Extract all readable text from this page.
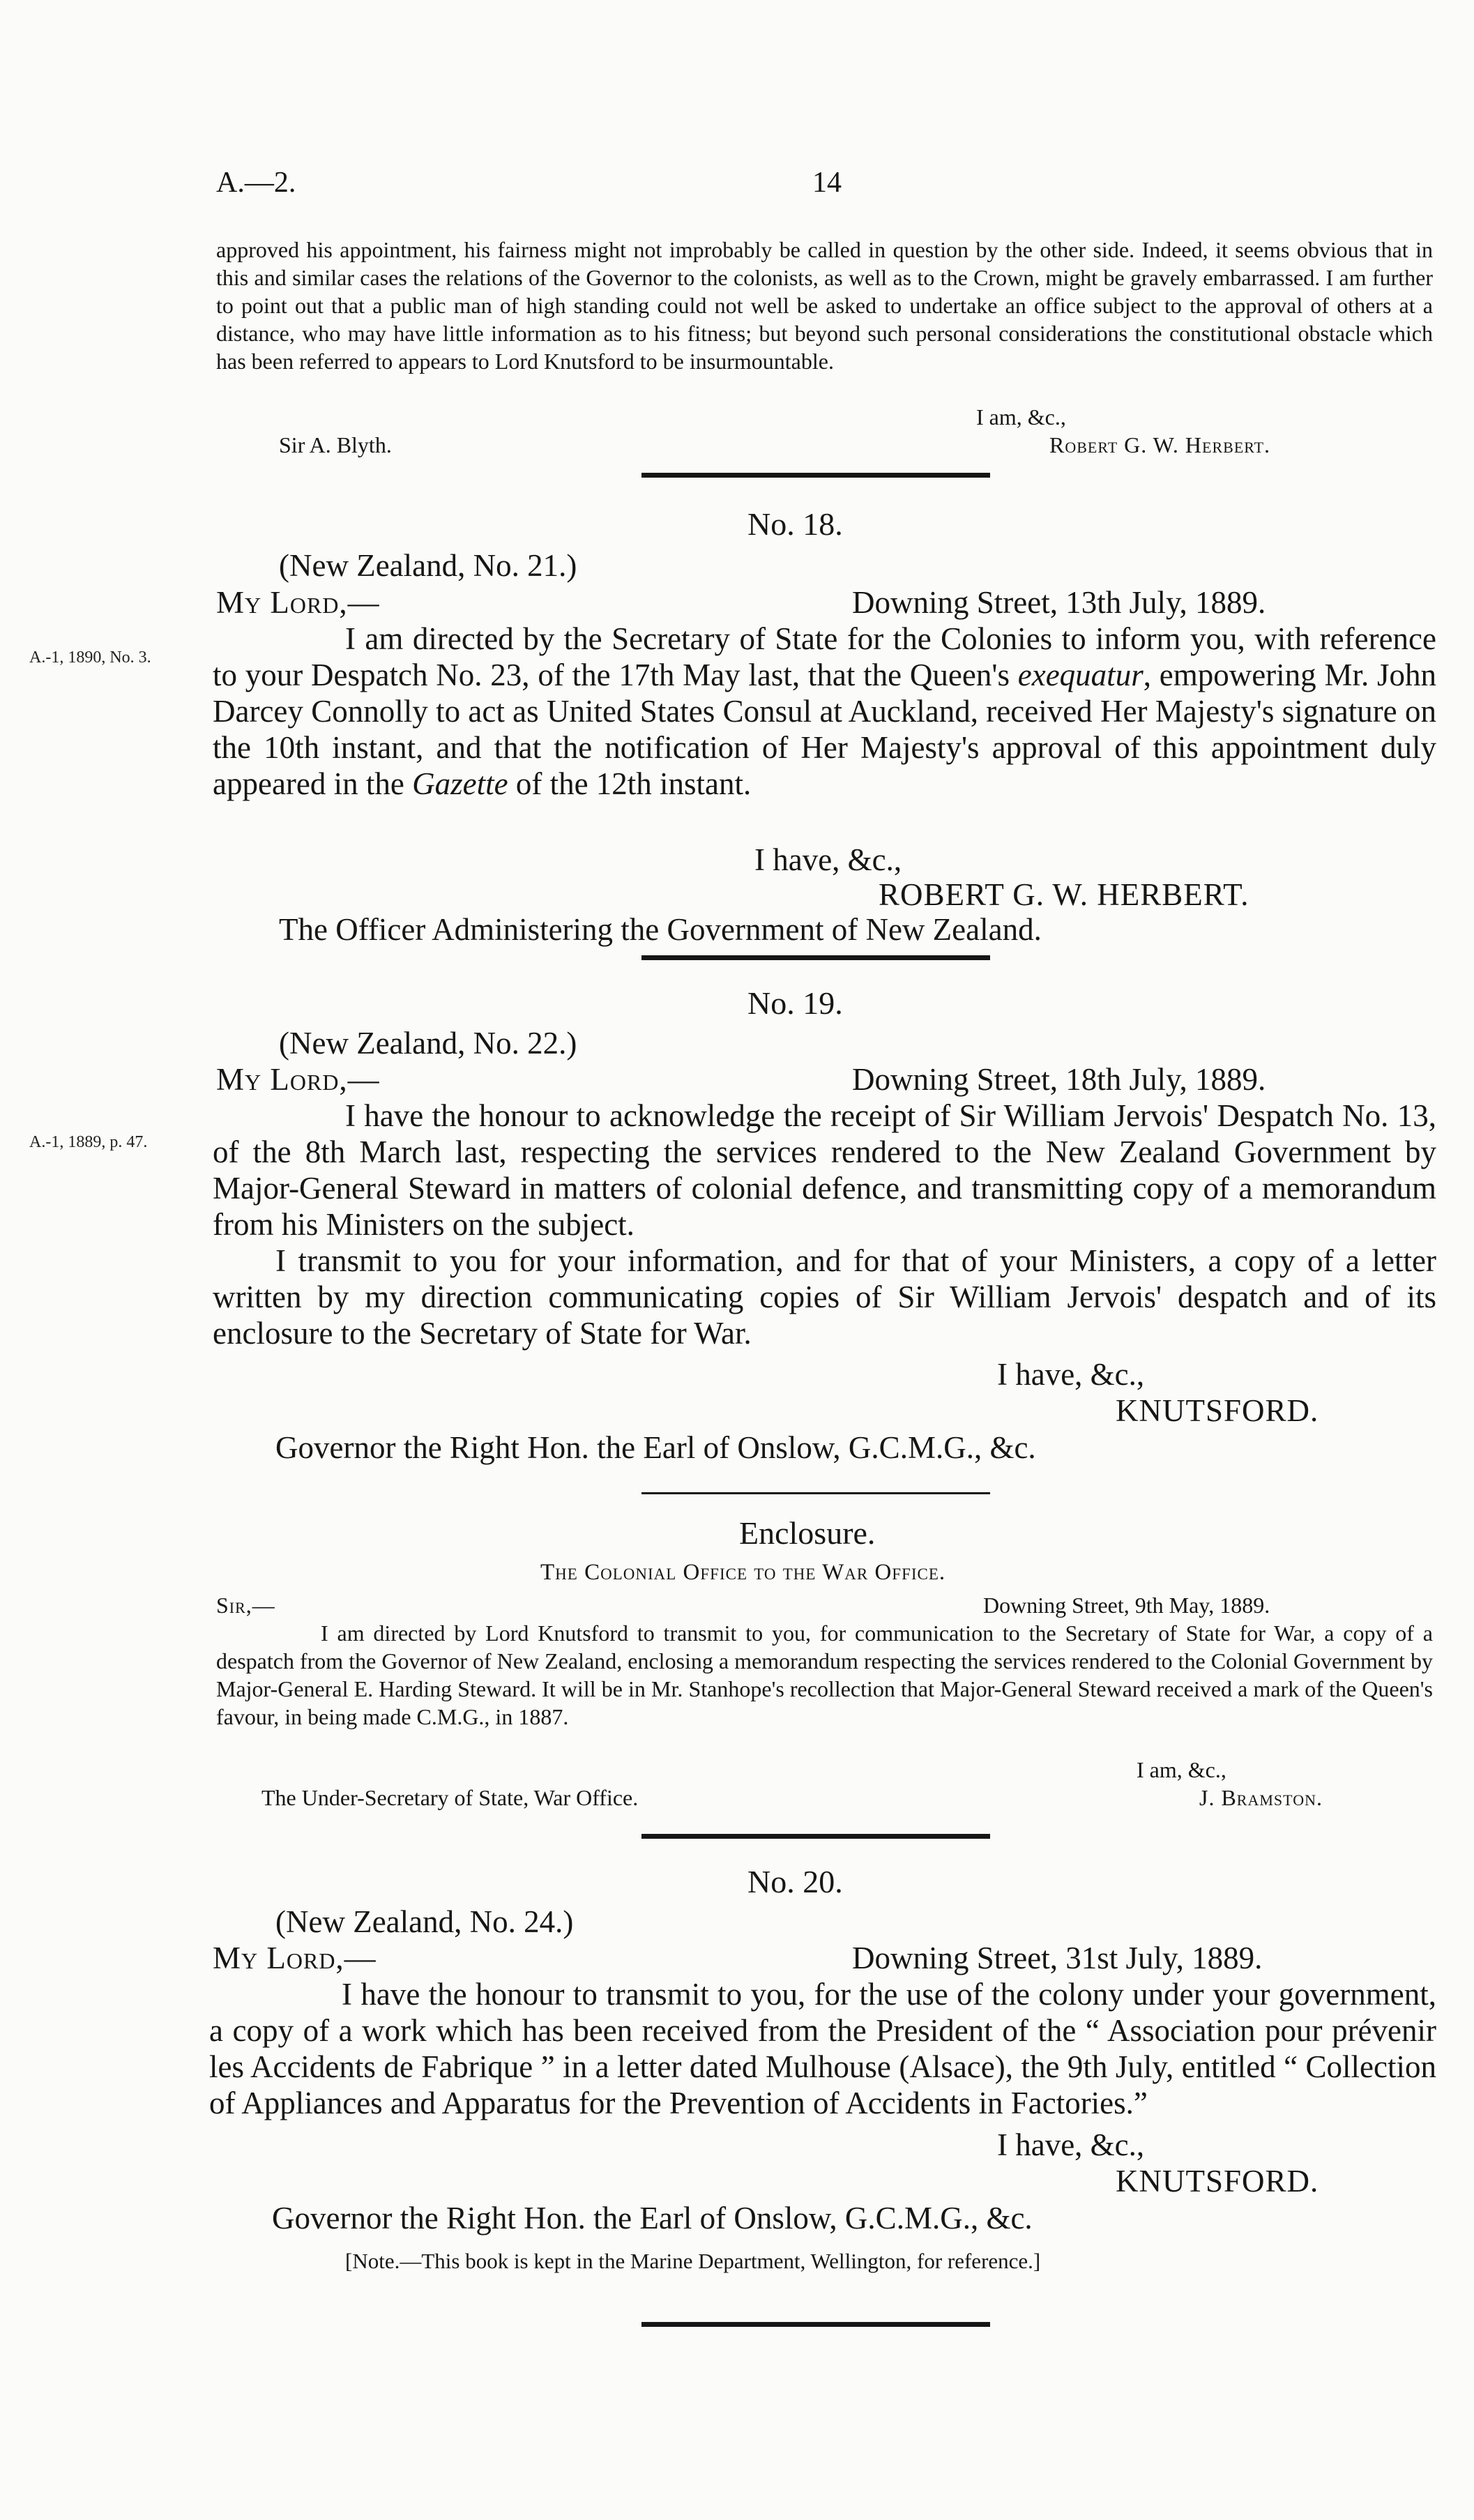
A.—2.	14
approved his appointment, his fairness might not improbably be called in question by the other side. Indeed, it seems obvious that in this and similar cases the relations of the Governor to the colonists, as well as to the Crown, might be gravely embarrassed. I am further to point out that a public man of high standing could not well be asked to undertake an office subject to the approval of others at a distance, who may have little information as to his fitness; but beyond such personal considerations the constitutional obstacle which has been referred to appears to Lord Knutsford to be insurmountable.
I am, &c.,
Sir A. Blyth.	Robert G. W. Herbert.
No. 18.
(New Zealand, No. 21.)
My Lord,—	Downing Street, 13th July, 1889.
A.-1, 1890, No. 3.
I am directed by the Secretary of State for the Colonies to inform you, with reference to your Despatch No. 23, of the 17th May last, that the Queen's exequatur, empowering Mr. John Darcey Connolly to act as United States Consul at Auckland, received Her Majesty's signature on the 10th instant, and that the notification of Her Majesty's approval of this appointment duly appeared in the Gazette of the 12th instant.
I have, &c.,
ROBERT G. W. HERBERT.
The Officer Administering the Government of New Zealand.
No. 19.
(New Zealand, No. 22.)
My Lord,—	Downing Street, 18th July, 1889.
A.-1, 1889, p. 47.
I have the honour to acknowledge the receipt of Sir William Jervois' Despatch No. 13, of the 8th March last, respecting the services rendered to the New Zealand Government by Major-General Steward in matters of colonial defence, and transmitting copy of a memorandum from his Ministers on the subject.
I transmit to you for your information, and for that of your Ministers, a copy of a letter written by my direction communicating copies of Sir William Jervois' despatch and of its enclosure to the Secretary of State for War.
I have, &c.,
KNUTSFORD.
Governor the Right Hon. the Earl of Onslow, G.C.M.G., &c.
Enclosure.
The Colonial Office to the War Office.
Sir,—	Downing Street, 9th May, 1889.
I am directed by Lord Knutsford to transmit to you, for communication to the Secretary of State for War, a copy of a despatch from the Governor of New Zealand, enclosing a memorandum respecting the services rendered to the Colonial Government by Major-General E. Harding Steward. It will be in Mr. Stanhope's recollection that Major-General Steward received a mark of the Queen's favour, in being made C.M.G., in 1887.
I am, &c.,
The Under-Secretary of State, War Office.	J. Bramston.
No. 20.
(New Zealand, No. 24.)
My Lord,—	Downing Street, 31st July, 1889.
I have the honour to transmit to you, for the use of the colony under your government, a copy of a work which has been received from the President of the “ Association pour prévenir les Accidents de Fabrique ” in a letter dated Mulhouse (Alsace), the 9th July, entitled “ Collection of Appliances and Apparatus for the Prevention of Accidents in Factories.”
I have, &c.,
KNUTSFORD.
Governor the Right Hon. the Earl of Onslow, G.C.M.G., &c.
[Note.—This book is kept in the Marine Department, Wellington, for reference.]
